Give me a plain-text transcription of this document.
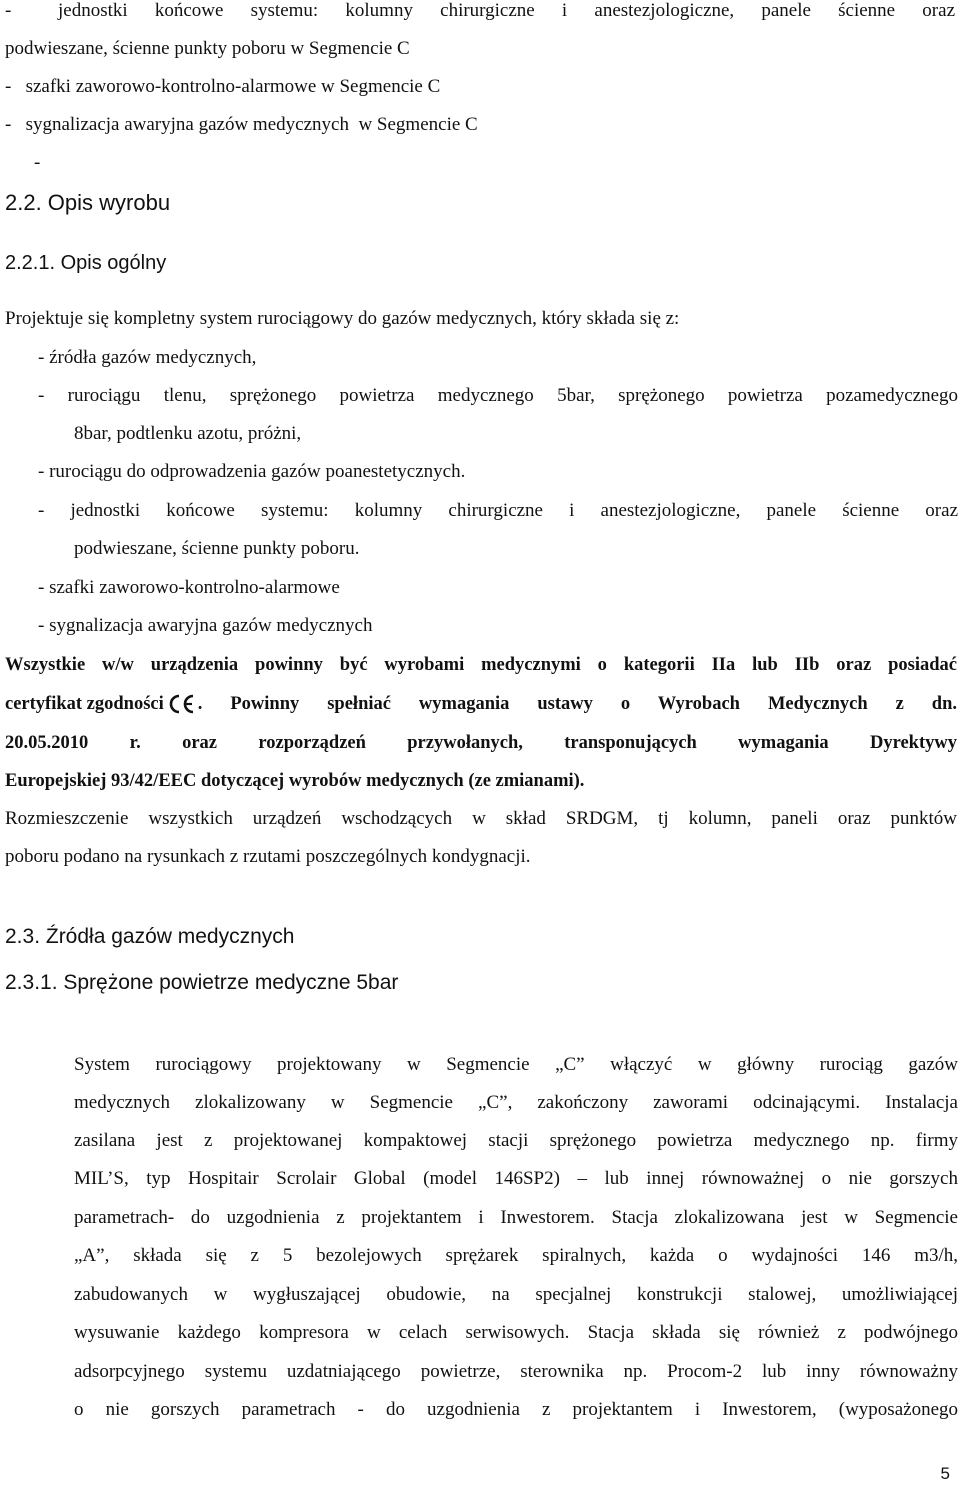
- jednostki końcowe systemu: kolumny chirurgiczne i anestezjologiczne, panele ścienne oraz
podwieszane, ścienne punkty poboru w Segmencie C
-   szafki zaworowo-kontrolno-alarmowe w Segmencie C
-   sygnalizacja awaryjna gazów medycznych  w Segmencie C
-
2.2. Opis wyrobu
2.2.1. Opis ogólny
Projektuje się kompletny system rurociągowy do gazów medycznych, który składa się z:
- źródła gazów medycznych,
- rurociągu tlenu, sprężonego powietrza medycznego 5bar, sprężonego powietrza pozamedycznego
8bar, podtlenku azotu, próżni,
- rurociągu do odprowadzenia gazów poanestetycznych.
- jednostki końcowe systemu: kolumny chirurgiczne i anestezjologiczne, panele ścienne oraz
podwieszane, ścienne punkty poboru.
- szafki zaworowo-kontrolno-alarmowe
- sygnalizacja awaryjna gazów medycznych
Wszystkie w/w urządzenia powinny być wyrobami medycznymi o kategorii IIa lub IIb oraz posiadać
certyfikat zgodności . Powinny spełniać wymagania ustawy o Wyrobach Medycznych z dn.
20.05.2010 r. oraz rozporządzeń przywołanych, transponujących wymagania Dyrektywy
Europejskiej 93/42/EEC dotyczącej wyrobów medycznych (ze zmianami).
Rozmieszczenie wszystkich urządzeń wschodzących w skład SRDGM, tj kolumn, paneli oraz punktów
poboru podano na rysunkach z rzutami poszczególnych kondygnacji.
2.3. Źródła gazów medycznych
2.3.1. Sprężone powietrze medyczne 5bar
System rurociągowy projektowany w Segmencie „C” włączyć w główny rurociąg gazów
medycznych zlokalizowany w Segmencie „C”, zakończony zaworami odcinającymi. Instalacja
zasilana jest z projektowanej kompaktowej stacji sprężonego powietrza medycznego np. firmy
MIL’S, typ Hospitair Scrolair Global (model 146SP2) – lub innej równoważnej o nie gorszych
parametrach- do uzgodnienia z projektantem i Inwestorem. Stacja zlokalizowana jest w Segmencie
„A”, składa się z 5 bezolejowych sprężarek spiralnych, każda o wydajności 146 m3/h,
zabudowanych w wygłuszającej obudowie, na specjalnej konstrukcji stalowej, umożliwiającej
wysuwanie każdego kompresora w celach serwisowych. Stacja składa się również z podwójnego
adsorpcyjnego systemu uzdatniającego powietrze, sterownika np. Procom-2 lub inny równoważny
o nie gorszych parametrach - do uzgodnienia z projektantem i Inwestorem, (wyposażonego
5
